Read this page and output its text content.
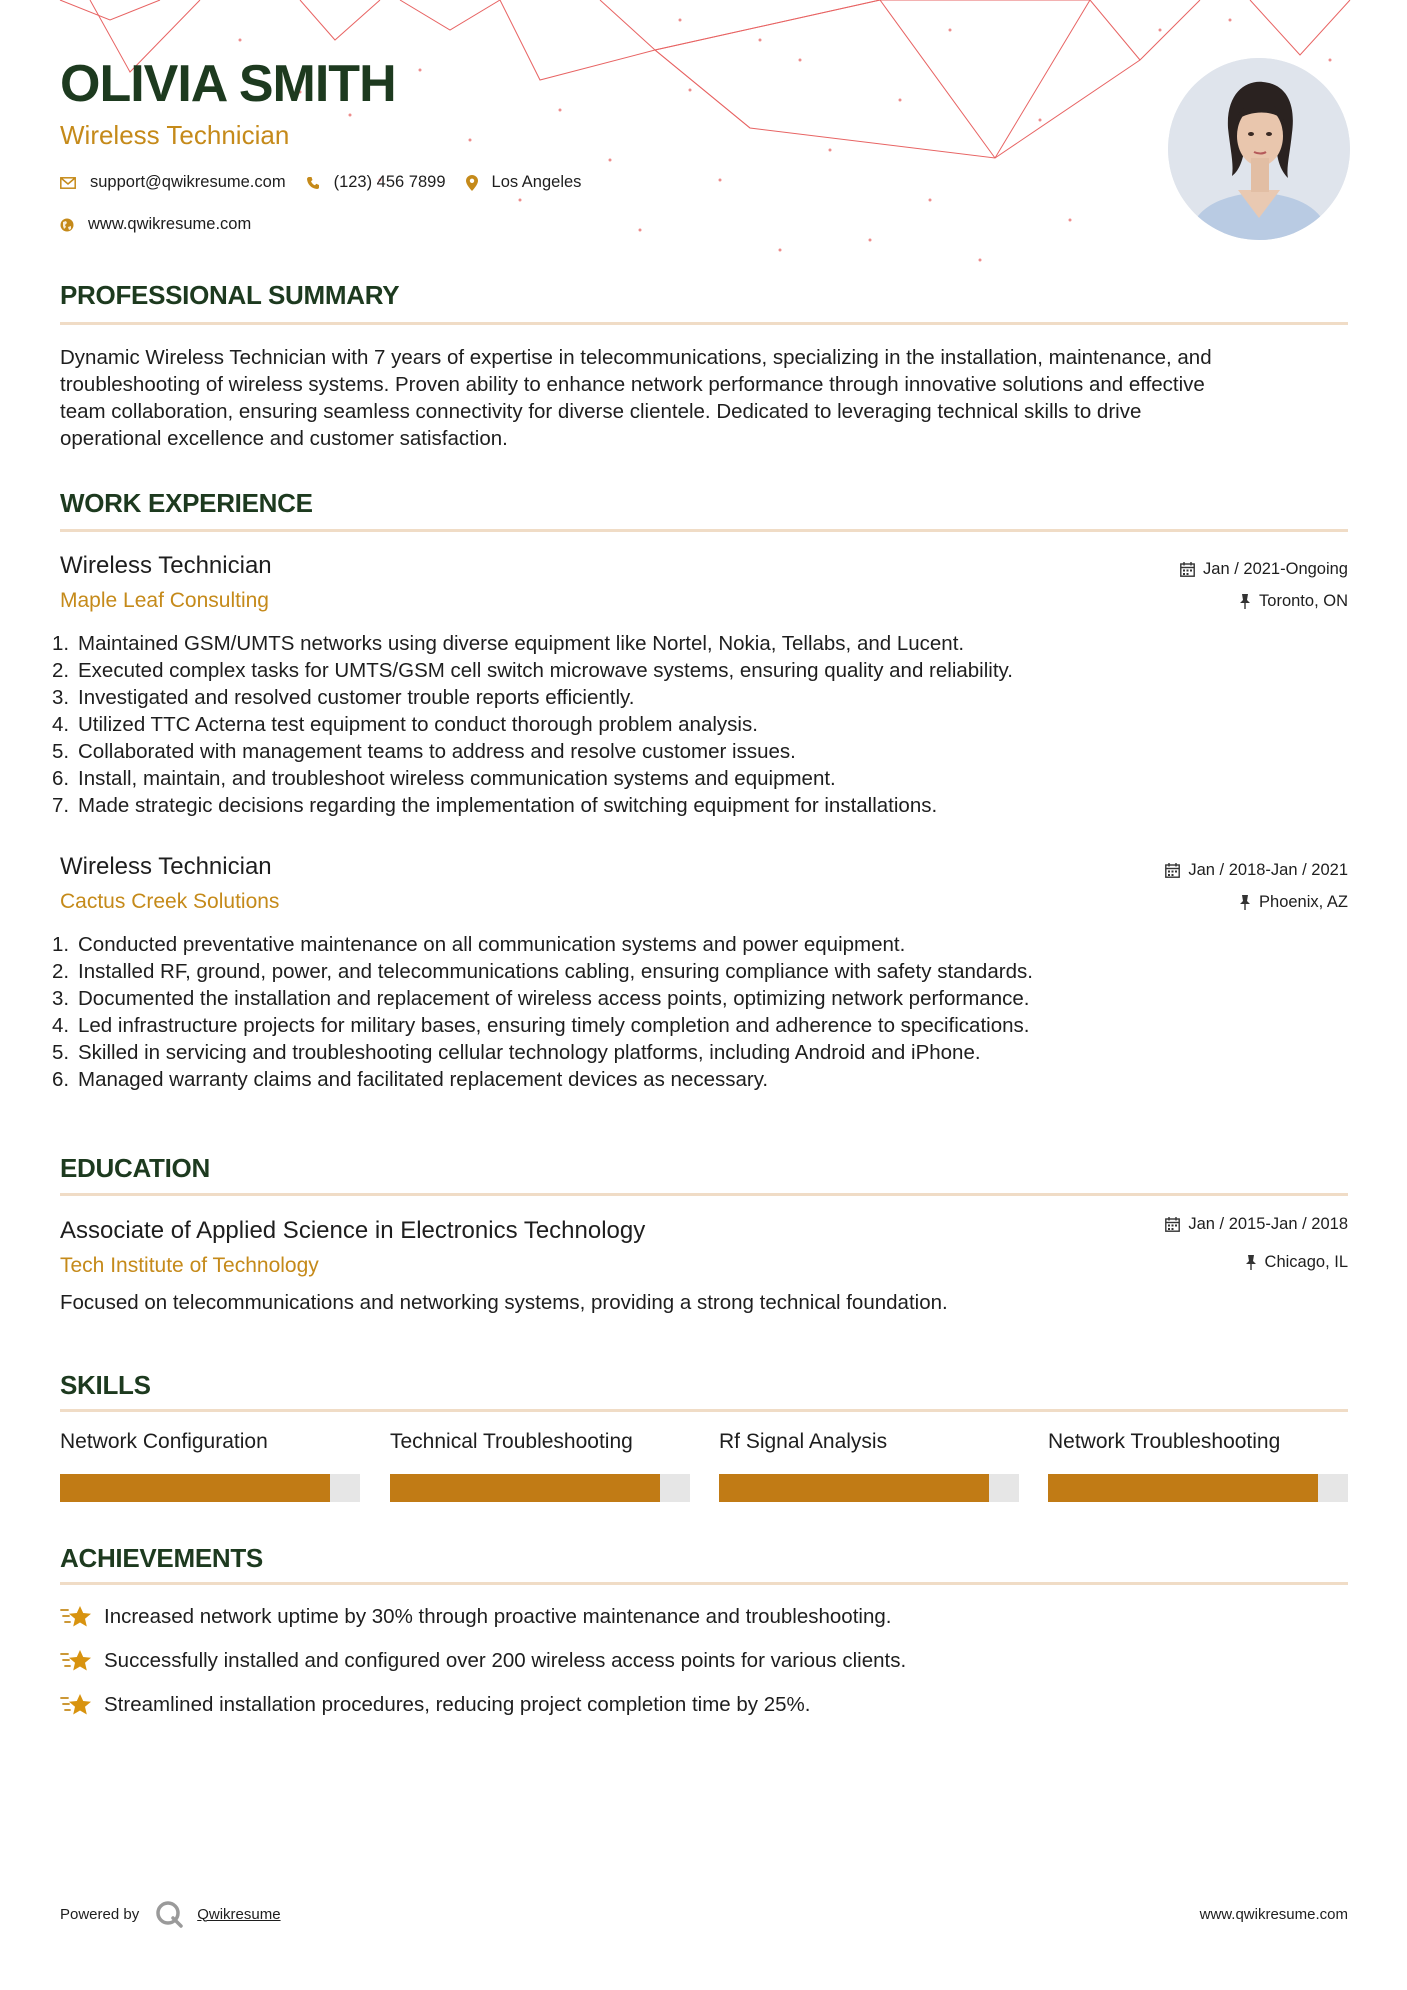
OLIVIA SMITH
Wireless Technician
support@qwikresume.com	(123) 456 7899	Los Angeles
www.qwikresume.com
PROFESSIONAL SUMMARY
Dynamic Wireless Technician with 7 years of expertise in telecommunications, specializing in the installation, maintenance, and
troubleshooting of wireless systems. Proven ability to enhance network performance through innovative solutions and effective
team collaboration, ensuring seamless connectivity for diverse clientele. Dedicated to leveraging technical skills to drive
operational excellence and customer satisfaction.
WORK EXPERIENCE
Wireless Technician
Maple Leaf Consulting
Jan / 2021-Ongoing
Toronto, ON
1. Maintained GSM/UMTS networks using diverse equipment like Nortel, Nokia, Tellabs, and Lucent.
2. Executed complex tasks for UMTS/GSM cell switch microwave systems, ensuring quality and reliability.
3. Investigated and resolved customer trouble reports efficiently.
4. Utilized TTC Acterna test equipment to conduct thorough problem analysis.
5. Collaborated with management teams to address and resolve customer issues.
6. Install, maintain, and troubleshoot wireless communication systems and equipment.
7. Made strategic decisions regarding the implementation of switching equipment for installations.
Wireless Technician
Cactus Creek Solutions
Jan / 2018-Jan / 2021
Phoenix, AZ
1. Conducted preventative maintenance on all communication systems and power equipment.
2. Installed RF, ground, power, and telecommunications cabling, ensuring compliance with safety standards.
3. Documented the installation and replacement of wireless access points, optimizing network performance.
4. Led infrastructure projects for military bases, ensuring timely completion and adherence to specifications.
5. Skilled in servicing and troubleshooting cellular technology platforms, including Android and iPhone.
6. Managed warranty claims and facilitated replacement devices as necessary.
EDUCATION
Associate of Applied Science in Electronics Technology
Tech Institute of Technology
Jan / 2015-Jan / 2018
Chicago, IL
Focused on telecommunications and networking systems, providing a strong technical foundation.
SKILLS
Network Configuration	Technical Troubleshooting	Rf Signal Analysis	Network Troubleshooting
ACHIEVEMENTS
Increased network uptime by 30% through proactive maintenance and troubleshooting.
Successfully installed and configured over 200 wireless access points for various clients.
Streamlined installation procedures, reducing project completion time by 25%.
Powered by	Qwikresume	www.qwikresume.com
